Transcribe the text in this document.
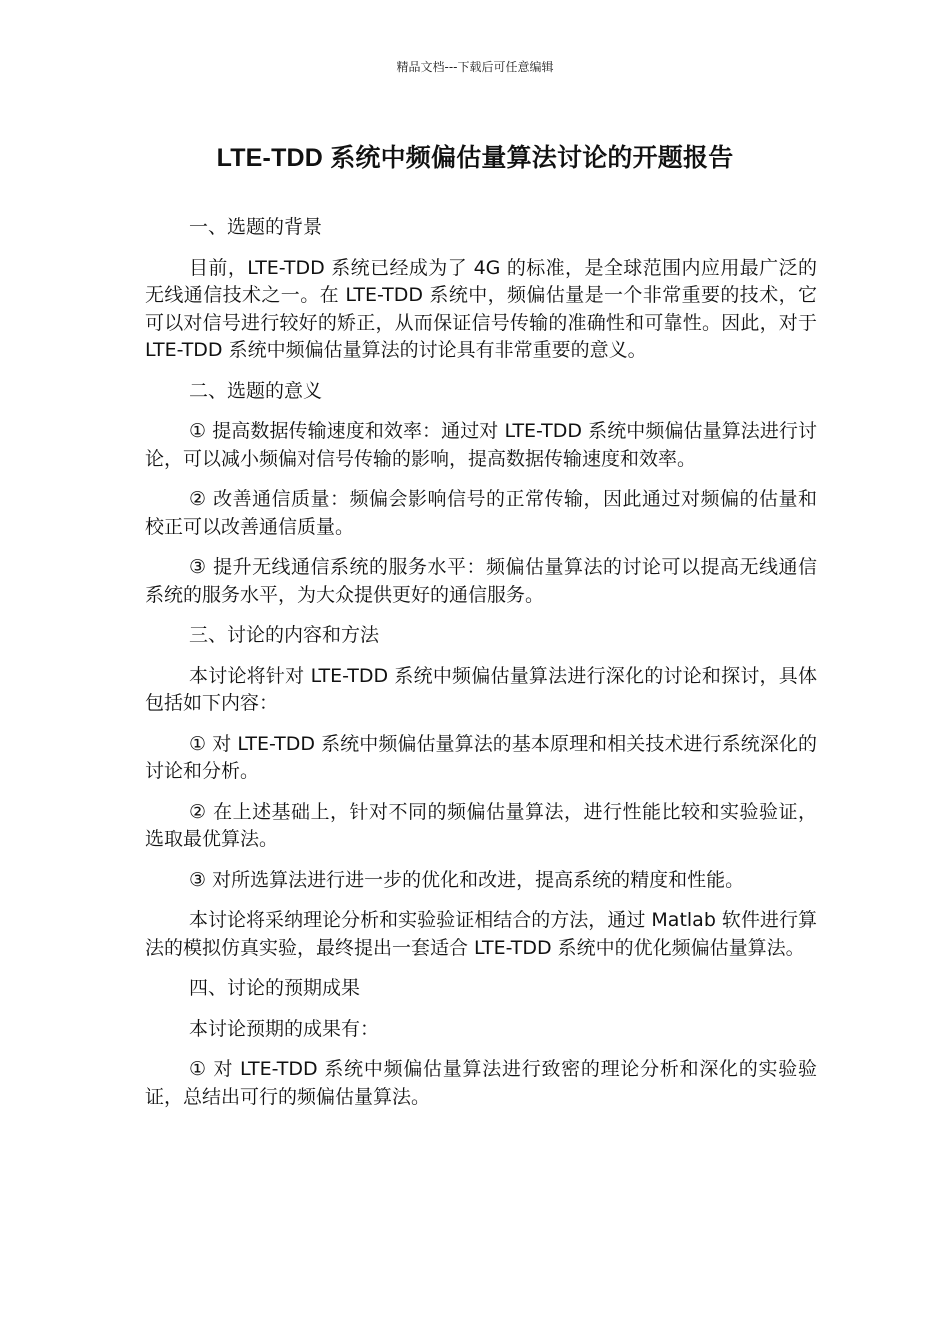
精品文档---下载后可任意编辑
LTE-TDD 系统中频偏估量算法讨论的开题报告

一、选题的背景

目前，LTE-TDD 系统已经成为了 4G 的标准，是全球范围内应用最广泛的无线通信技术之一。在 LTE-TDD 系统中，频偏估量是一个非常重要的技术，它可以对信号进行较好的矫正，从而保证信号传输的准确性和可靠性。因此，对于 LTE-TDD 系统中频偏估量算法的讨论具有非常重要的意义。

二、选题的意义

① 提高数据传输速度和效率：通过对 LTE-TDD 系统中频偏估量算法进行讨论，可以减小频偏对信号传输的影响，提高数据传输速度和效率。

② 改善通信质量：频偏会影响信号的正常传输，因此通过对频偏的估量和校正可以改善通信质量。

③ 提升无线通信系统的服务水平：频偏估量算法的讨论可以提高无线通信系统的服务水平，为大众提供更好的通信服务。

三、讨论的内容和方法

本讨论将针对 LTE-TDD 系统中频偏估量算法进行深化的讨论和探讨，具体包括如下内容：

① 对 LTE-TDD 系统中频偏估量算法的基本原理和相关技术进行系统深化的讨论和分析。

② 在上述基础上，针对不同的频偏估量算法，进行性能比较和实验验证，选取最优算法。

③ 对所选算法进行进一步的优化和改进，提高系统的精度和性能。

本讨论将采纳理论分析和实验验证相结合的方法，通过 Matlab 软件进行算法的模拟仿真实验，最终提出一套适合 LTE-TDD 系统中的优化频偏估量算法。

四、讨论的预期成果

本讨论预期的成果有：

① 对 LTE-TDD 系统中频偏估量算法进行致密的理论分析和深化的实验验证，总结出可行的频偏估量算法。
